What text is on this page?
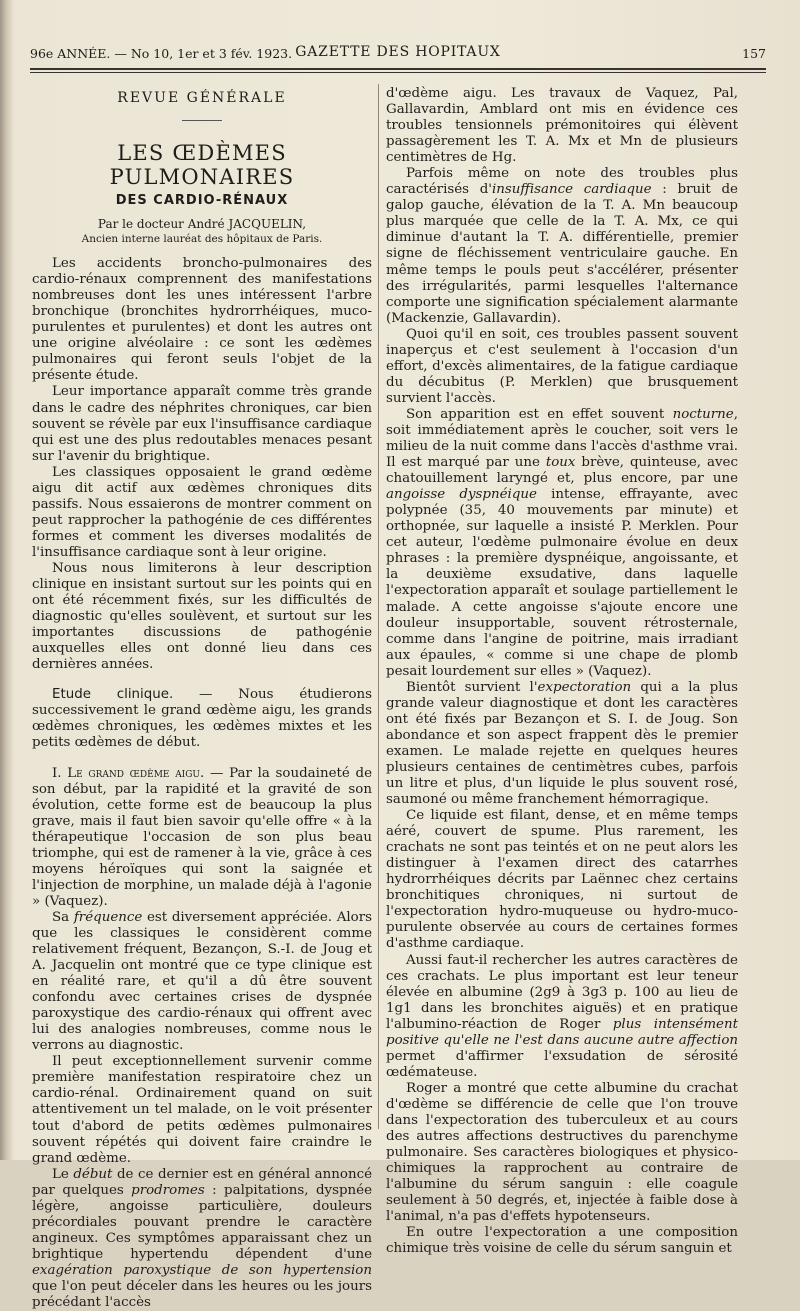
96e ANNÉE. — No 10, 1er et 3 fév. 1923. GAZETTE DES HOPITAUX	157
REVUE GÉNÉRALE
LES ŒDÈMES PULMONAIRES
DES CARDIO-RÉNAUX
Par le docteur André JACQUELIN,
Ancien interne lauréat des hôpitaux de Paris.

Les accidents broncho-pulmonaires des cardio-rénaux comprennent des manifestations nombreuses dont les unes intéressent l'arbre bronchique (bronchites hydrorrhéiques, muco-purulentes et purulentes) et dont les autres ont une origine alvéolaire : ce sont les œdèmes pulmonaires qui feront seuls l'objet de la présente étude.

Leur importance apparaît comme très grande dans le cadre des néphrites chroniques, car bien souvent se révèle par eux l'insuffisance cardiaque qui est une des plus redoutables menaces pesant sur l'avenir du brightique.

Les classiques opposaient le grand œdème aigu dit actif aux œdèmes chroniques dits passifs. Nous essaierons de montrer comment on peut rapprocher la pathogénie de ces différentes formes et comment les diverses modalités de l'insuffisance cardiaque sont à leur origine.

Nous nous limiterons à leur description clinique en insistant surtout sur les points qui en ont été récemment fixés, sur les difficultés de diagnostic qu'elles soulèvent, et surtout sur les importantes discussions de pathogénie auxquelles elles ont donné lieu dans ces dernières années.

Etude clinique. — Nous étudierons successivement le grand œdème aigu, les grands œdèmes chroniques, les œdèmes mixtes et les petits œdèmes de début.

I. Le grand œdème aigu. — Par la soudaineté de son début, par la rapidité et la gravité de son évolution, cette forme est de beaucoup la plus grave, mais il faut bien savoir qu'elle offre « à la thérapeutique l'occasion de son plus beau triomphe, qui est de ramener à la vie, grâce à ces moyens héroïques qui sont la saignée et l'injection de morphine, un malade déjà à l'agonie » (Vaquez).

Sa fréquence est diversement appréciée. Alors que les classiques le considèrent comme relativement fréquent, Bezançon, S.-I. de Joug et A. Jacquelin ont montré que ce type clinique est en réalité rare, et qu'il a dû être souvent confondu avec certaines crises de dyspnée paroxystique des cardio-rénaux qui offrent avec lui des analogies nombreuses, comme nous le verrons au diagnostic.

Il peut exceptionnellement survenir comme première manifestation respiratoire chez un cardio-rénal. Ordinairement quand on suit attentivement un tel malade, on le voit présenter tout d'abord de petits œdèmes pulmonaires souvent répétés qui doivent faire craindre le grand œdème.

Le début de ce dernier est en général annoncé par quelques prodromes : palpitations, dyspnée légère, angoisse particulière, douleurs précordiales pouvant prendre le caractère angineux. Ces symptômes apparaissant chez un brightique hypertendu dépendent d'une exagération paroxystique de son hypertension que l'on peut déceler dans les heures ou les jours précédant l'accès

d'œdème aigu. Les travaux de Vaquez, Pal, Gallavardin, Amblard ont mis en évidence ces troubles tensionnels prémonitoires qui élèvent passagèrement les T. A. Mx et Mn de plusieurs centimètres de Hg.

Parfois même on note des troubles plus caractérisés d'insuffisance cardiaque : bruit de galop gauche, élévation de la T. A. Mn beaucoup plus marquée que celle de la T. A. Mx, ce qui diminue d'autant la T. A. différentielle, premier signe de fléchissement ventriculaire gauche. En même temps le pouls peut s'accélérer, présenter des irrégularités, parmi lesquelles l'alternance comporte une signification spécialement alarmante (Mackenzie, Gallavardin).

Quoi qu'il en soit, ces troubles passent souvent inaperçus et c'est seulement à l'occasion d'un effort, d'excès alimentaires, de la fatigue cardiaque du décubitus (P. Merklen) que brusquement survient l'accès.

Son apparition est en effet souvent nocturne, soit immédiatement après le coucher, soit vers le milieu de la nuit comme dans l'accès d'asthme vrai. Il est marqué par une toux brève, quinteuse, avec chatouillement laryngé et, plus encore, par une angoisse dyspnéique intense, effrayante, avec polypnée (35, 40 mouvements par minute) et orthopnée, sur laquelle a insisté P. Merklen. Pour cet auteur, l'œdème pulmonaire évolue en deux phrases : la première dyspnéique, angoissante, et la deuxième exsudative, dans laquelle l'expectoration apparaît et soulage partiellement le malade. A cette angoisse s'ajoute encore une douleur insupportable, souvent rétrosternale, comme dans l'angine de poitrine, mais irradiant aux épaules, « comme si une chape de plomb pesait lourdement sur elles » (Vaquez).

Bientôt survient l'expectoration qui a la plus grande valeur diagnostique et dont les caractères ont été fixés par Bezançon et S. I. de Joug. Son abondance et son aspect frappent dès le premier examen. Le malade rejette en quelques heures plusieurs centaines de centimètres cubes, parfois un litre et plus, d'un liquide le plus souvent rosé, saumoné ou même franchement hémorragique.

Ce liquide est filant, dense, et en même temps aéré, couvert de spume. Plus rarement, les crachats ne sont pas teintés et on ne peut alors les distinguer à l'examen direct des catarrhes hydrorrhéiques décrits par Laënnec chez certains bronchitiques chroniques, ni surtout de l'expectoration hydro-muqueuse ou hydro-muco-purulente observée au cours de certaines formes d'asthme cardiaque.

Aussi faut-il rechercher les autres caractères de ces crachats. Le plus important est leur teneur élevée en albumine (2g9 à 3g3 p. 100 au lieu de 1g1 dans les bronchites aiguës) et en pratique l'albumino-réaction de Roger plus intensément positive qu'elle ne l'est dans aucune autre affection permet d'affirmer l'exsudation de sérosité œdémateuse.

Roger a montré que cette albumine du crachat d'œdème se différencie de celle que l'on trouve dans l'expectoration des tuberculeux et au cours des autres affections destructives du parenchyme pulmonaire. Ses caractères biologiques et physico-chimiques la rapprochent au contraire de l'albumine du sérum sanguin : elle coagule seulement à 50 degrés, et, injectée à faible dose à l'animal, n'a pas d'effets hypotenseurs.

En outre l'expectoration a une composition chimique très voisine de celle du sérum sanguin et
